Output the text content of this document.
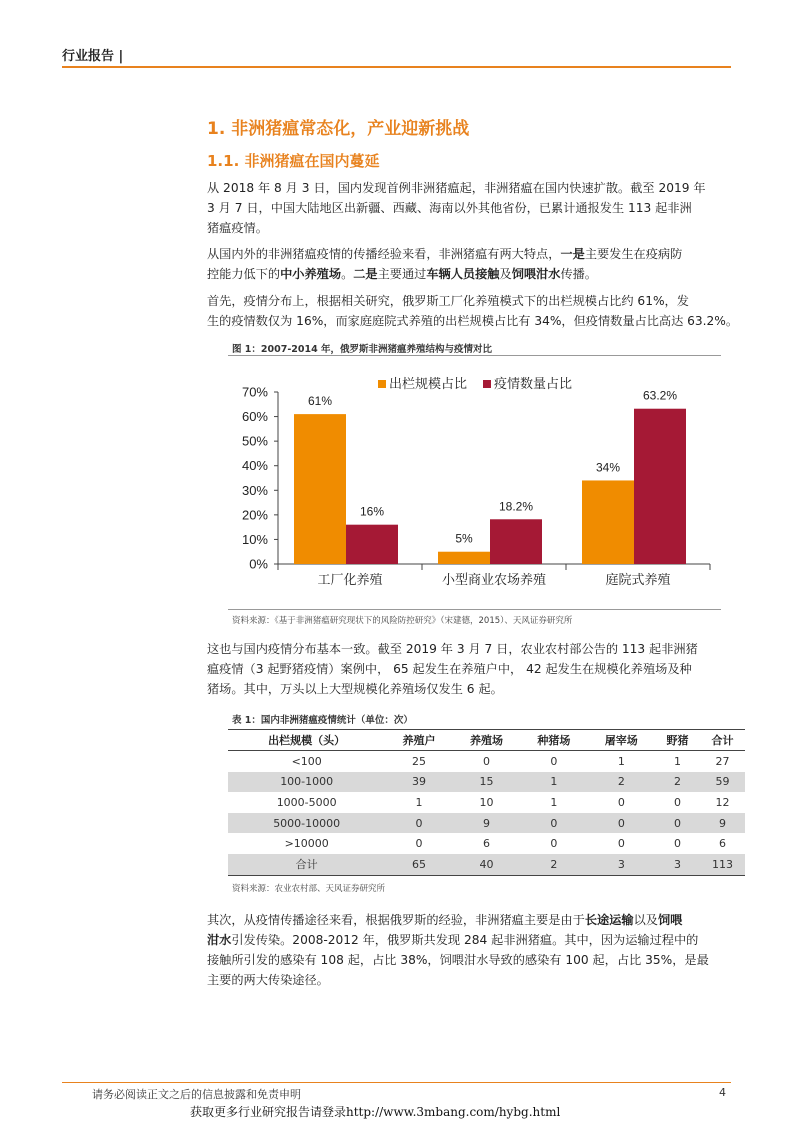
行业报告 |
1. 非洲猪瘟常态化，产业迎新挑战
1.1. 非洲猪瘟在国内蔓延
从 2018 年 8 月 3 日，国内发现首例非洲猪瘟起，非洲猪瘟在国内快速扩散。截至 2019 年
3 月 7 日，中国大陆地区出新疆、西藏、海南以外其他省份，已累计通报发生 113 起非洲
猪瘟疫情。
从国内外的非洲猪瘟疫情的传播经验来看，非洲猪瘟有两大特点，一是主要发生在疫病防
控能力低下的中小养殖场。二是主要通过车辆人员接触及饲喂泔水传播。
首先，疫情分布上，根据相关研究，俄罗斯工厂化养殖模式下的出栏规模占比约 61%，发
生的疫情数仅为 16%，而家庭庭院式养殖的出栏规模占比有 34%，但疫情数量占比高达 63.2%。
图 1：2007-2014 年，俄罗斯非洲猪瘟养殖结构与疫情对比
0%
10%
20%
30%
40%
50%
60%
70%
61%
16%
工厂化养殖
5%
18.2%
小型商业农场养殖
34%
63.2%
庭院式养殖
出栏规模占比 疫情数量占比
资料来源：《基于非洲猪瘟研究现状下的风险防控研究》（宋建德，2015）、天风证券研究所
这也与国内疫情分布基本一致。截至 2019 年 3 月 7 日，农业农村部公告的 113 起非洲猪
瘟疫情（3 起野猪疫情）案例中， 65 起发生在养殖户中， 42 起发生在规模化养殖场及种
猪场。其中，万头以上大型规模化养殖场仅发生 6 起。
表 1：国内非洲猪瘟疫情统计（单位：次）
出栏规模（头）	养殖户	养殖场	种猪场	屠宰场	野猪	合计
<100	25	0	0	1	1	27
100-1000	39	15	1	2	2	59
1000-5000	1	10	1	0	0	12
5000-10000	0	9	0	0	0	9
>10000	0	6	0	0	0	6
合计	65	40	2	3	3	113
资料来源：农业农村部、天风证券研究所
其次，从疫情传播途径来看，根据俄罗斯的经验，非洲猪瘟主要是由于长途运输以及饲喂
泔水引发传染。2008-2012 年，俄罗斯共发现 284 起非洲猪瘟。其中，因为运输过程中的
接触所引发的感染有 108 起，占比 38%，饲喂泔水导致的感染有 100 起，占比 35%，是最
主要的两大传染途径。
请务必阅读正文之后的信息披露和免责申明	4
获取更多行业研究报告请登录http://www.3mbang.com/hybg.html
